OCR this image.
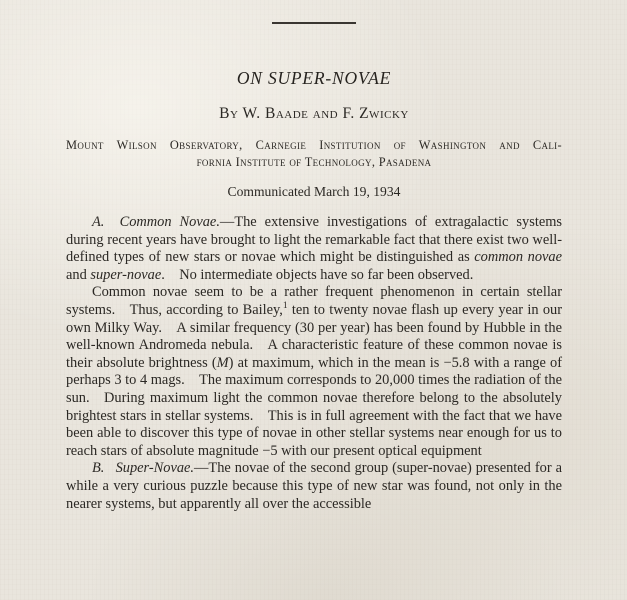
ON SUPER-NOVAE
By W. Baade and F. Zwicky
Mount Wilson Observatory, Carnegie Institution of Washington and Cali-
fornia Institute of Technology, Pasadena
Communicated March 19, 1934

A.  Common Novae.—The extensive investigations of extragalactic systems during recent years have brought to light the remarkable fact that there exist two well-defined types of new stars or novae which might be distinguished as common novae and super-novae. No intermediate objects have so far been observed.

Common novae seem to be a rather frequent phenomenon in certain stellar systems. Thus, according to Bailey,$^1$ ten to twenty novae flash up every year in our own Milky Way. A similar frequency (30 per year) has been found by Hubble in the well-known Andromeda nebula. A characteristic feature of these common novae is their absolute brightness (M) at maximum, which in the mean is −5.8 with a range of perhaps 3 to 4 mags. The maximum corresponds to 20,000 times the radiation of the sun. During maximum light the common novae therefore belong to the absolutely brightest stars in stellar systems. This is in full agreement with the fact that we have been able to discover this type of novae in other stellar systems near enough for us to reach stars of absolute magnitude −5 with our present optical equipment

B.  Super-Novae.—The novae of the second group (super-novae) presented for a while a very curious puzzle because this type of new star was found, not only in the nearer systems, but apparently all over the accessible
